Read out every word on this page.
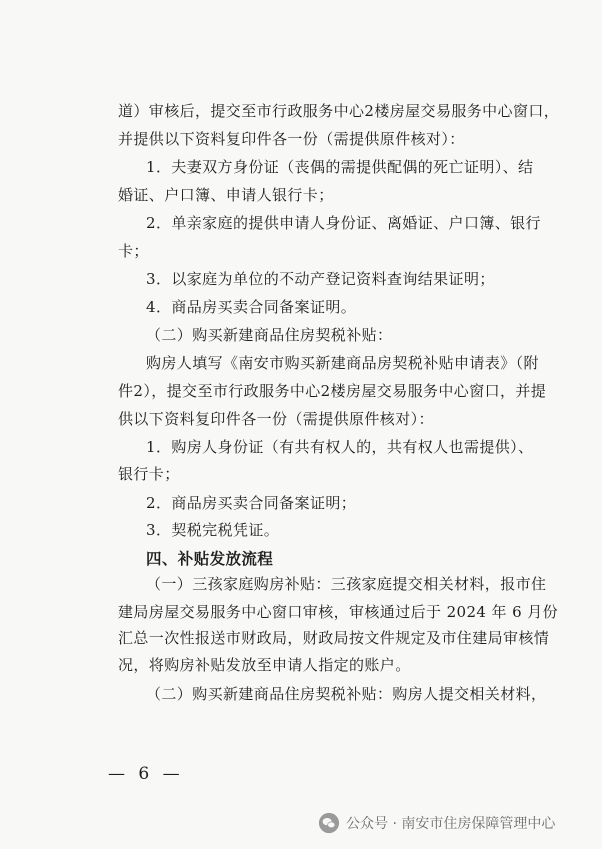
道）审核后，提交至市行政服务中心2楼房屋交易服务中心窗口，
并提供以下资料复印件各一份（需提供原件核对）：
1．夫妻双方身份证（丧偶的需提供配偶的死亡证明）、结
婚证、户口簿、申请人银行卡；
2．单亲家庭的提供申请人身份证、离婚证、户口簿、银行
卡；
3．以家庭为单位的不动产登记资料查询结果证明；
4．商品房买卖合同备案证明。
（二）购买新建商品住房契税补贴：
购房人填写《南安市购买新建商品房契税补贴申请表》（附
件2），提交至市行政服务中心2楼房屋交易服务中心窗口，并提
供以下资料复印件各一份（需提供原件核对）：
1．购房人身份证（有共有权人的，共有权人也需提供）、
银行卡；
2．商品房买卖合同备案证明；
3．契税完税凭证。
四、补贴发放流程
（一）三孩家庭购房补贴：三孩家庭提交相关材料，报市住
建局房屋交易服务中心窗口审核，审核通过后于 2024 年 6 月份
汇总一次性报送市财政局，财政局按文件规定及市住建局审核情
况，将购房补贴发放至申请人指定的账户。
（二）购买新建商品住房契税补贴：购房人提交相关材料，
— 6 —
公众号 · 南安市住房保障管理中心
